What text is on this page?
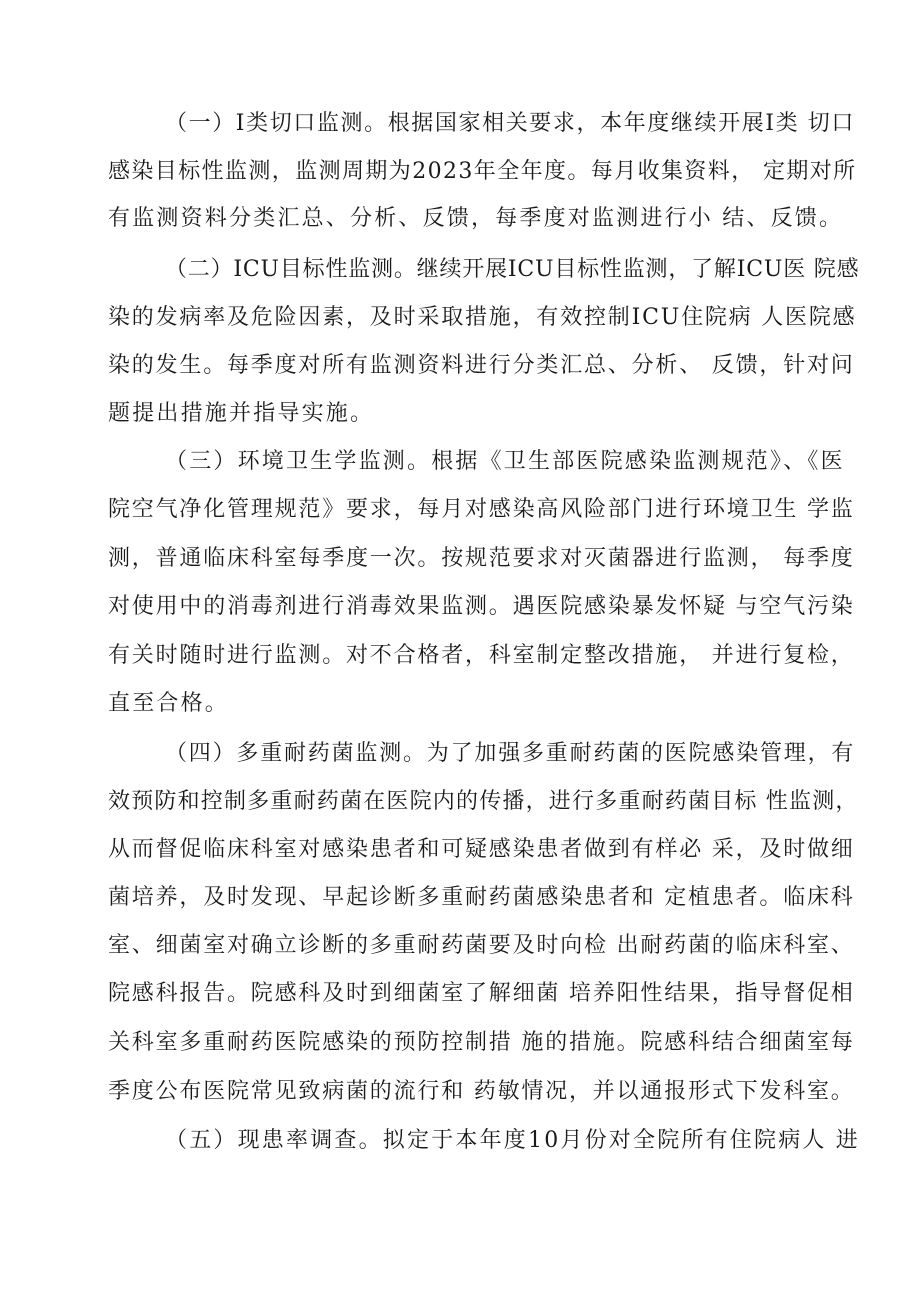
（一）I类切口监测。根据国家相关要求，本年度继续开展I类 切口
感染目标性监测，监测周期为2023年全年度。每月收集资料， 定期对所
有监测资料分类汇总、分析、反馈，每季度对监测进行小 结、反馈。
（二）ICU目标性监测。继续开展ICU目标性监测，了解ICU医 院感
染的发病率及危险因素，及时采取措施，有效控制ICU住院病 人医院感
染的发生。每季度对所有监测资料进行分类汇总、分析、 反馈，针对问
题提出措施并指导实施。
（三）环境卫生学监测。根据《卫生部医院感染监测规范》、《医
院空气净化管理规范》要求，每月对感染高风险部门进行环境卫生 学监
测，普通临床科室每季度一次。按规范要求对灭菌器进行监测， 每季度
对使用中的消毒剂进行消毒效果监测。遇医院感染暴发怀疑 与空气污染
有关时随时进行监测。对不合格者，科室制定整改措施， 并进行复检，
直至合格。
（四）多重耐药菌监测。为了加强多重耐药菌的医院感染管理，有
效预防和控制多重耐药菌在医院内的传播，进行多重耐药菌目标 性监测，
从而督促临床科室对感染患者和可疑感染患者做到有样必 采，及时做细
菌培养，及时发现、早起诊断多重耐药菌感染患者和 定植患者。临床科
室、细菌室对确立诊断的多重耐药菌要及时向检 出耐药菌的临床科室、
院感科报告。院感科及时到细菌室了解细菌 培养阳性结果，指导督促相
关科室多重耐药医院感染的预防控制措 施的措施。院感科结合细菌室每
季度公布医院常见致病菌的流行和 药敏情况，并以通报形式下发科室。
（五）现患率调查。拟定于本年度10月份对全院所有住院病人 进
